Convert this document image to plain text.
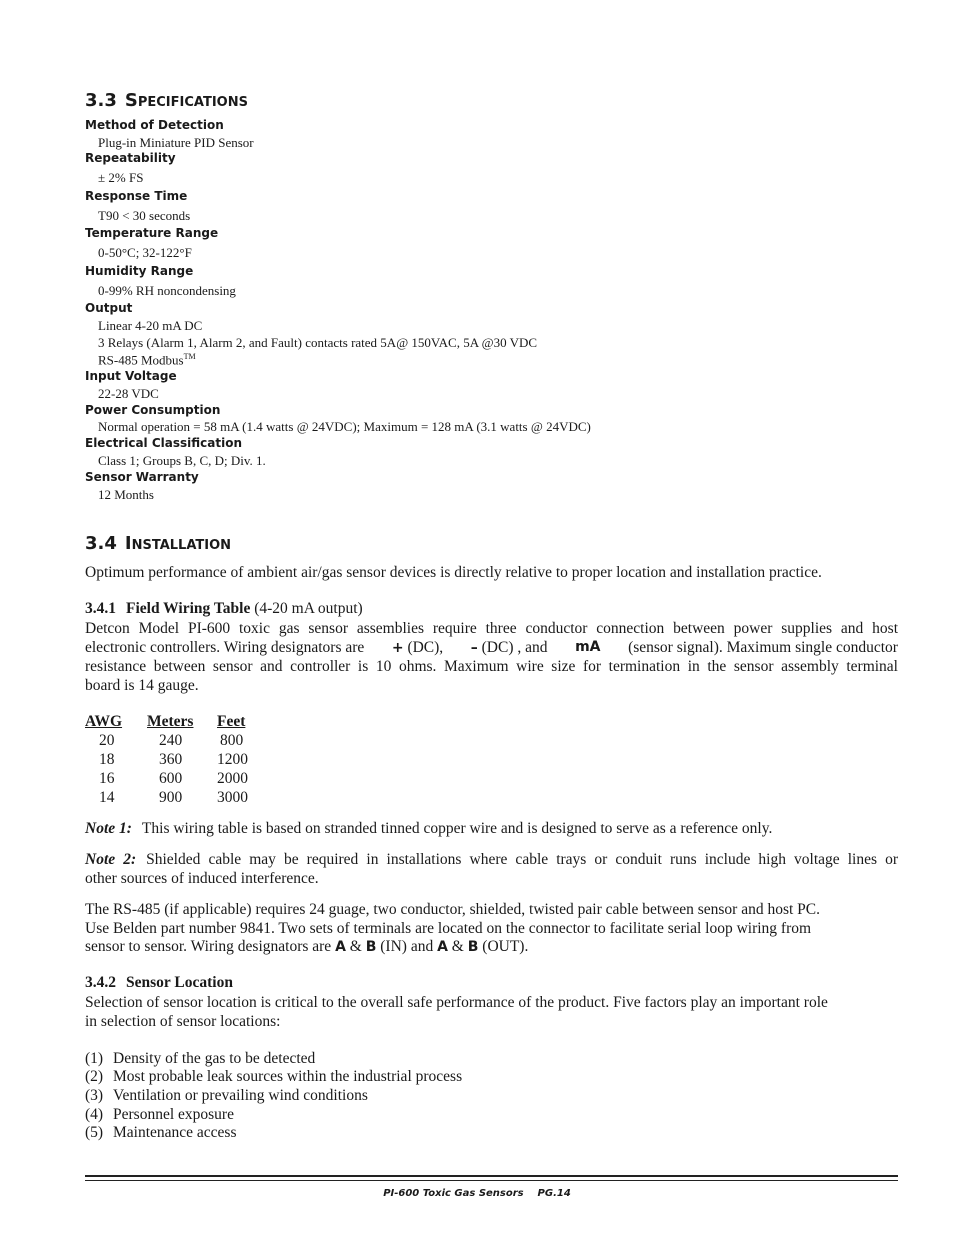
3.3 Specifications
Method of Detection
Plug-in Miniature PID Sensor
Repeatability
± 2% FS
Response Time
T90 < 30 seconds
Temperature Range
0-50°C; 32-122°F
Humidity Range
0-99% RH noncondensing
Output
Linear 4-20 mA DC
3 Relays (Alarm 1, Alarm 2, and Fault) contacts rated 5A@ 150VAC, 5A @30 VDC
RS-485 Modbus™
Input Voltage
22-28 VDC
Power Consumption
Normal operation = 58 mA (1.4 watts @ 24VDC); Maximum = 128 mA (3.1 watts @ 24VDC)
Electrical Classification
Class 1; Groups B, C, D; Div. 1.
Sensor Warranty
12 Months
3.4 Installation
Optimum performance of ambient air/gas sensor devices is directly relative to proper location and installation practice.
3.4.1 Field Wiring Table (4-20 mA output)
Detcon Model PI-600 toxic gas sensor assemblies require three conductor connection between power supplies and host
electronic controllers. Wiring designators are + (DC), – (DC) , and mA (sensor signal). Maximum single conductor
resistance between sensor and controller is 10 ohms. Maximum wire size for termination in the sensor assembly terminal
board is 14 gauge.
AWG	Meters	Feet
20	240	800
18	360	1200
16	600	2000
14	900	3000
Note 1: This wiring table is based on stranded tinned copper wire and is designed to serve as a reference only.
Note 2: Shielded cable may be required in installations where cable trays or conduit runs include high voltage lines or
other sources of induced interference.
The RS-485 (if applicable) requires 24 guage, two conductor, shielded, twisted pair cable between sensor and host PC.
Use Belden part number 9841. Two sets of terminals are located on the connector to facilitate serial loop wiring from
sensor to sensor. Wiring designators are A & B (IN) and A & B (OUT).
3.4.2 Sensor Location
Selection of sensor location is critical to the overall safe performance of the product. Five factors play an important role
in selection of sensor locations:
(1) Density of the gas to be detected
(2) Most probable leak sources within the industrial process
(3) Ventilation or prevailing wind conditions
(4) Personnel exposure
(5) Maintenance access
PI-600 Toxic Gas Sensors    PG.14
